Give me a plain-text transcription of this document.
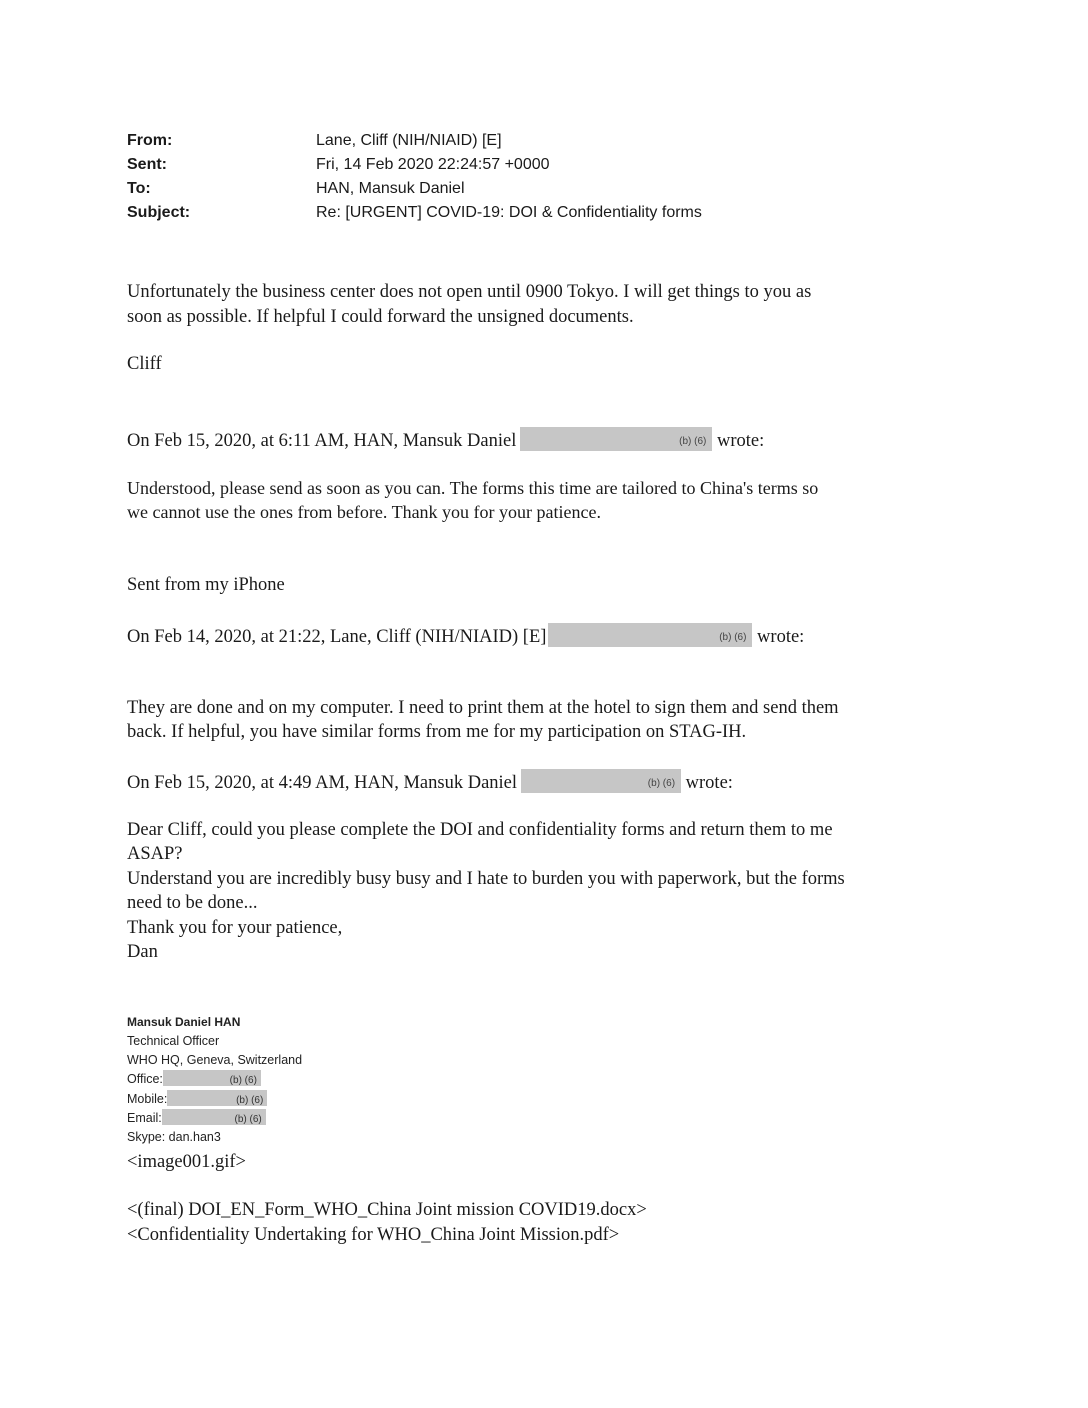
From:	Lane, Cliff (NIH/NIAID) [E]
Sent:	Fri, 14 Feb 2020 22:24:57 +0000
To:	HAN, Mansuk Daniel
Subject:	Re: [URGENT] COVID-19: DOI & Confidentiality forms
Unfortunately the business center does not open until 0900 Tokyo. I will get things to you as
soon as possible. If helpful I could forward the unsigned documents.
Cliff
On Feb 15, 2020, at 6:11 AM, HAN, Mansuk Daniel	(b) (6) wrote:
Understood, please send as soon as you can. The forms this time are tailored to China's terms so
we cannot use the ones from before. Thank you for your patience.
Sent from my iPhone
On Feb 14, 2020, at 21:22, Lane, Cliff (NIH/NIAID) [E]	(b) (6) wrote:
They are done and on my computer. I need to print them at the hotel to sign them and send them
back. If helpful, you have similar forms from me for my participation on STAG-IH.
On Feb 15, 2020, at 4:49 AM, HAN, Mansuk Daniel	(b) (6) wrote:
Dear Cliff, could you please complete the DOI and confidentiality forms and return them to me
ASAP?
Understand you are incredibly busy busy and I hate to burden you with paperwork, but the forms
need to be done...
Thank you for your patience,
Dan
Mansuk Daniel HAN
Technical Officer
WHO HQ, Geneva, Switzerland
Office:	(b) (6)
Mobile:	(b) (6)
Email:	(b) (6)
Skype: dan.han3
<image001.gif>
<(final) DOI_EN_Form_WHO_China Joint mission COVID19.docx>
<Confidentiality Undertaking for WHO_China Joint Mission.pdf>
